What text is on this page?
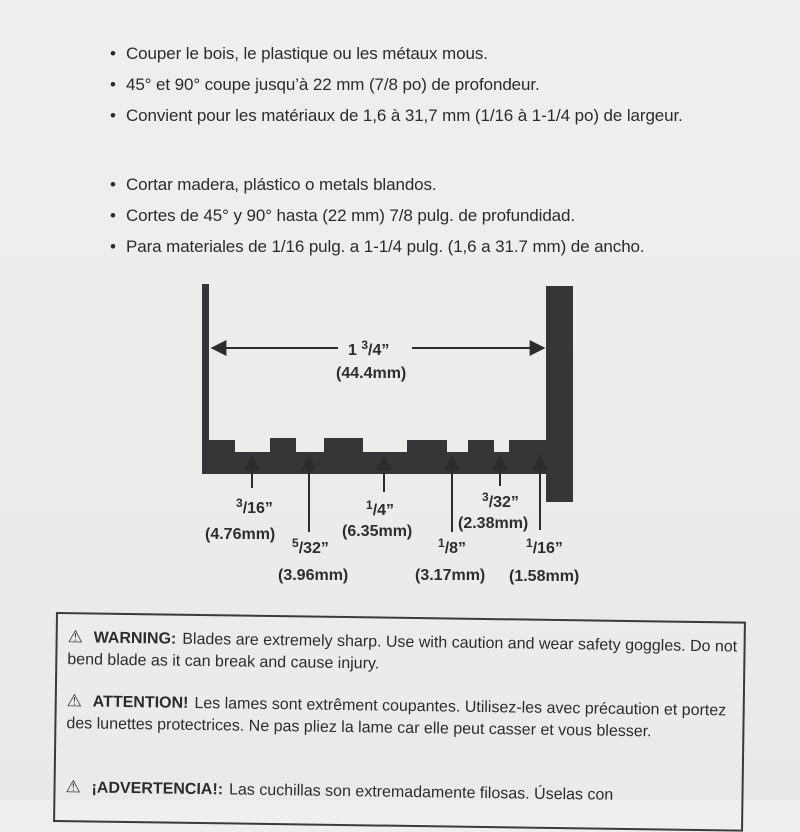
• Couper le bois, le plastique ou les métaux mous.
• 45° et 90° coupe jusqu’à 22 mm (7/8 po) de profondeur.
• Convient pour les matériaux de 1,6 à 31,7 mm (1/16 à 1-1/4 po) de largeur.
• Cortar madera, plástico o metals blandos.
• Cortes de 45° y 90° hasta (22 mm) 7/8 pulg. de profundidad.
• Para materiales de 1/16 pulg. a 1-1/4 pulg. (1,6 a 31.7 mm) de ancho.
1 $^3$/4”
(44.4mm)
$^3$/16”
(4.76mm) $^5$/32”
(3.96mm)
$^1$/4”
(6.35mm)
$^1$/8”
(3.17mm)
$^3$/32”
(2.38mm)
$^1$/16”
(1.58mm)
⚠ WARNING: Blades are extremely sharp. Use with caution and wear safety goggles. Do not bend blade as it can break and cause injury.
⚠ ATTENTION! Les lames sont extrêment coupantes. Utilisez-les avec précaution et portez des lunettes protectrices. Ne pas pliez la lame car elle peut casser et vous blesser.
⚠ ¡ADVERTENCIA!: Las cuchillas son extremadamente filosas. Úselas con
